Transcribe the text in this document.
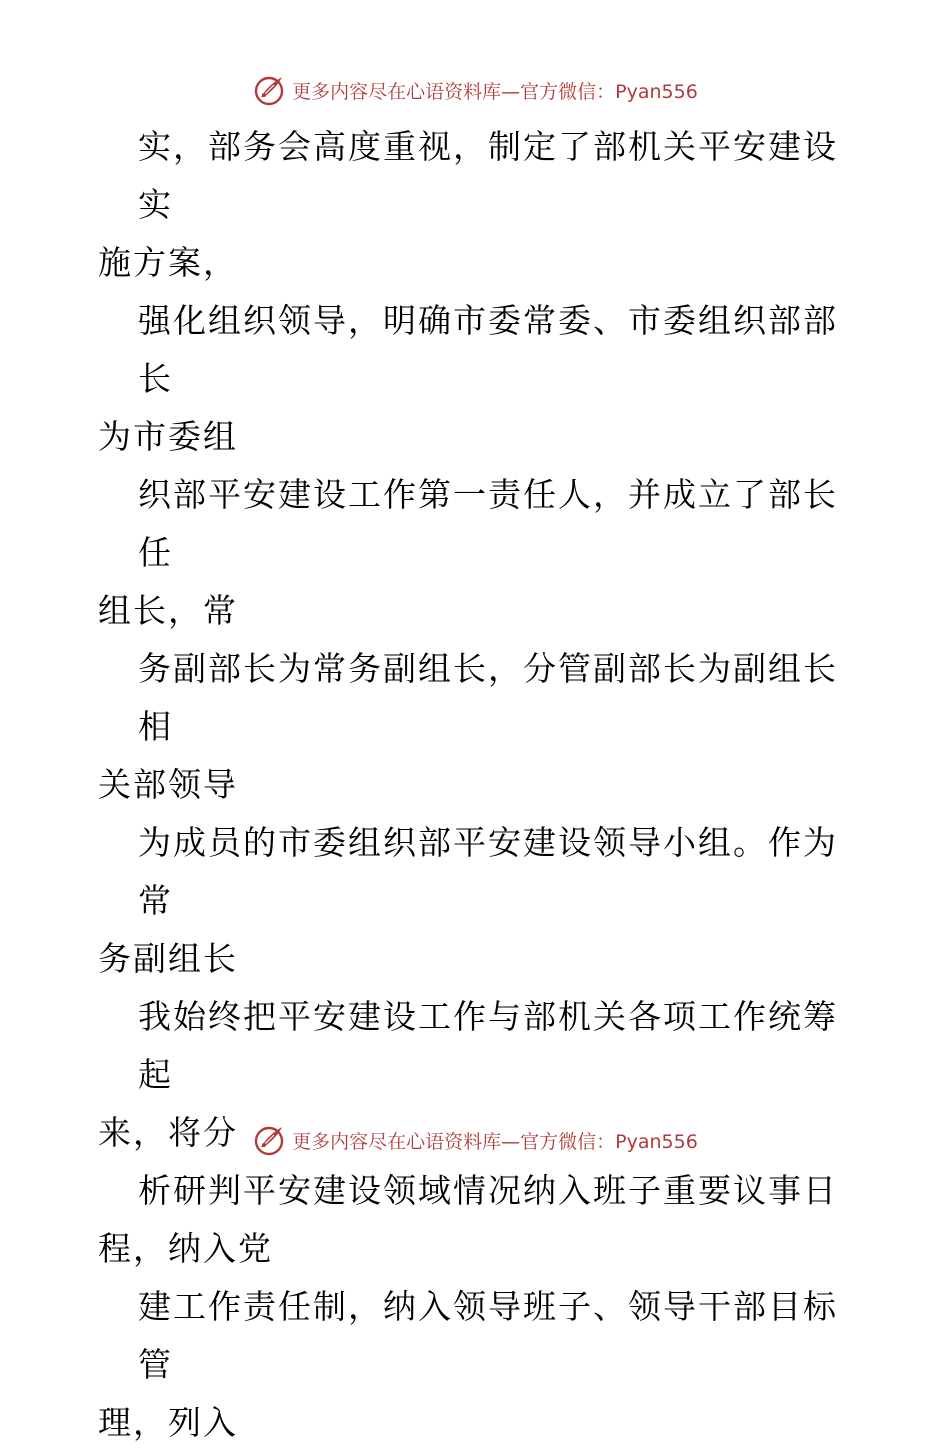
更多内容尽在心语资料库—官方微信：Pyan556

实，部务会高度重视，制定了部机关平安建设实
施方案，

强化组织领导，明确市委常委、市委组织部部长
为市委组

织部平安建设工作第一责任人，并成立了部长任
组长，常

务副部长为常务副组长，分管副部长为副组长相
关部领导

为成员的市委组织部平安建设领导小组。作为常
务副组长

我始终把平安建设工作与部机关各项工作统筹起
来，将分

析研判平安建设领域情况纳入班子重要议事日
程，纳入党

建工作责任制，纳入领导班子、领导干部目标管
理，列入

更多内容尽在心语资料库—官方微信：Pyan556
